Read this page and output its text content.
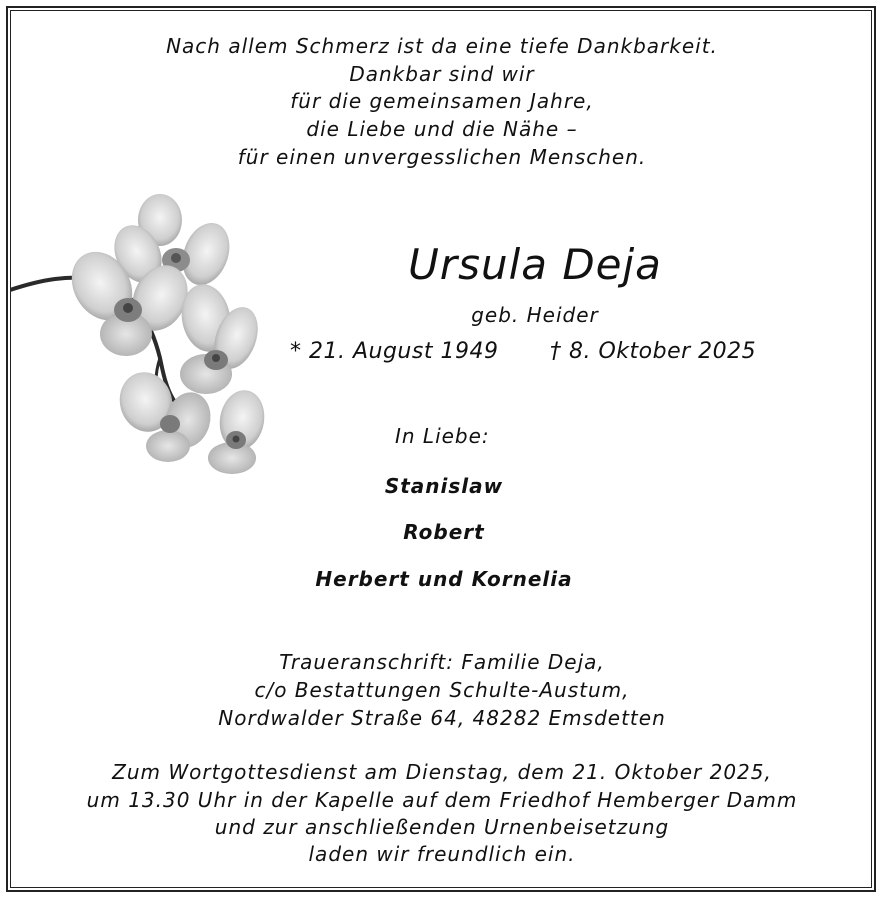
Nach allem Schmerz ist da eine tiefe Dankbarkeit.
Dankbar sind wir
für die gemeinsamen Jahre,
die Liebe und die Nähe –
für einen unvergesslichen Menschen.
Ursula Deja
geb. Heider
* 21. August 1949 † 8. Oktober 2025
In Liebe:
Stanislaw
Robert
Herbert und Kornelia
Traueranschrift: Familie Deja,
c/o Bestattungen Schulte-Austum,
Nordwalder Straße 64, 48282 Emsdetten
Zum Wortgottesdienst am Dienstag, dem 21. Oktober 2025,
um 13.30 Uhr in der Kapelle auf dem Friedhof Hemberger Damm
und zur anschließenden Urnenbeisetzung
laden wir freundlich ein.
